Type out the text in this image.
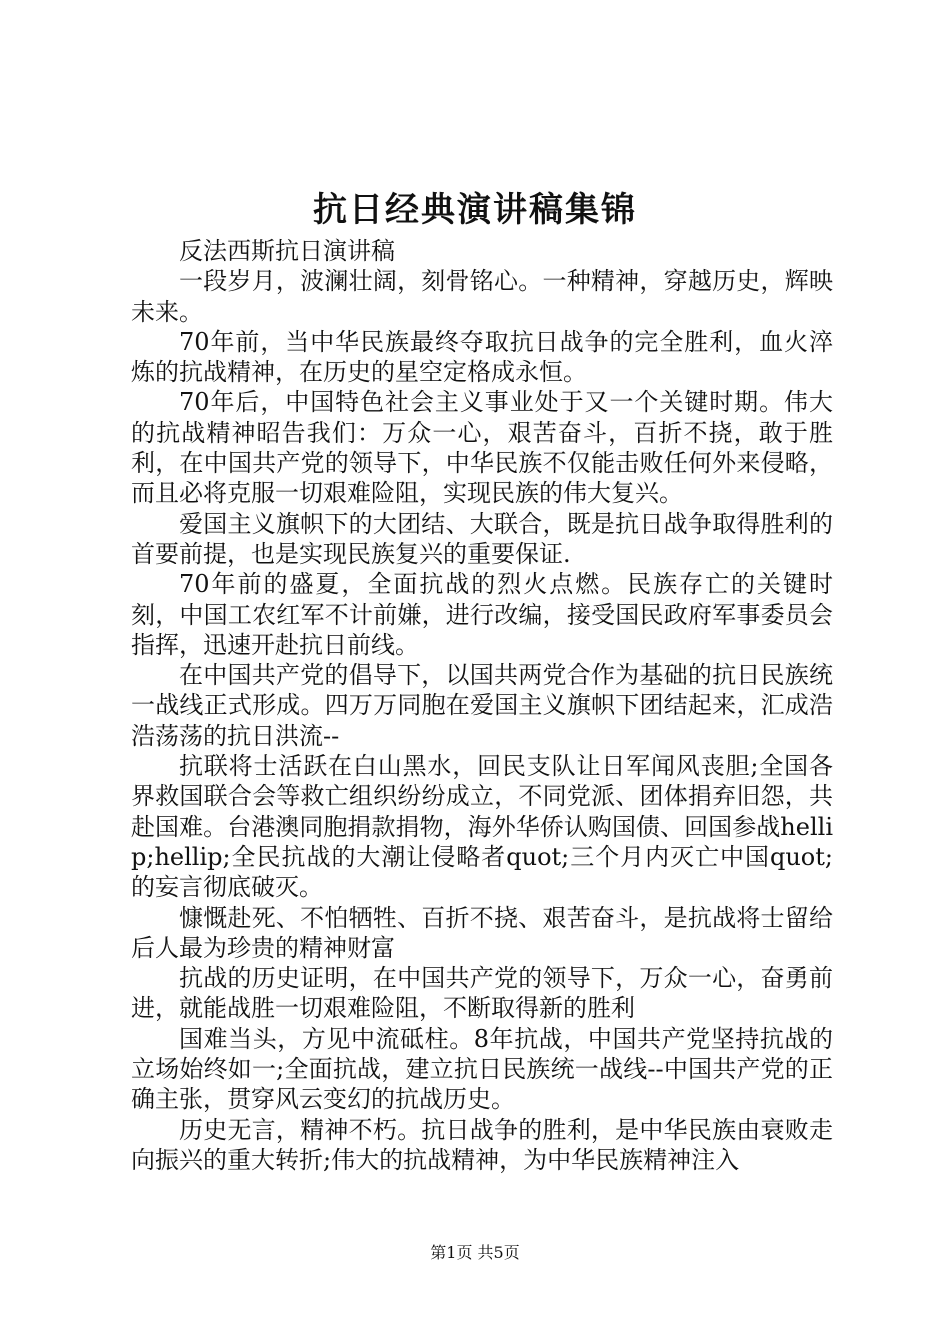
抗日经典演讲稿集锦

反法西斯抗日演讲稿

一段岁月，波澜壮阔，刻骨铭心。一种精神，穿越历史，辉映未来。

70年前，当中华民族最终夺取抗日战争的完全胜利，血火淬炼的抗战精神，在历史的星空定格成永恒。

70年后，中国特色社会主义事业处于又一个关键时期。伟大的抗战精神昭告我们：万众一心，艰苦奋斗，百折不挠，敢于胜利，在中国共产党的领导下，中华民族不仅能击败任何外来侵略，而且必将克服一切艰难险阻，实现民族的伟大复兴。

爱国主义旗帜下的大团结、大联合，既是抗日战争取得胜利的首要前提，也是实现民族复兴的重要保证.

70年前的盛夏，全面抗战的烈火点燃。民族存亡的关键时刻，中国工农红军不计前嫌，进行改编，接受国民政府军事委员会指挥，迅速开赴抗日前线。

在中国共产党的倡导下，以国共两党合作为基础的抗日民族统一战线正式形成。四万万同胞在爱国主义旗帜下团结起来，汇成浩浩荡荡的抗日洪流--

抗联将士活跃在白山黑水，回民支队让日军闻风丧胆;全国各界救国联合会等救亡组织纷纷成立，不同党派、团体捐弃旧怨，共赴国难。台港澳同胞捐款捐物，海外华侨认购国债、回国参战hellip;hellip;全民抗战的大潮让侵略者quot;三个月内灭亡中国quot;的妄言彻底破灭。

慷慨赴死、不怕牺牲、百折不挠、艰苦奋斗，是抗战将士留给后人最为珍贵的精神财富

抗战的历史证明，在中国共产党的领导下，万众一心，奋勇前进，就能战胜一切艰难险阻，不断取得新的胜利

国难当头，方见中流砥柱。8年抗战，中国共产党坚持抗战的立场始终如一;全面抗战，建立抗日民族统一战线--中国共产党的正确主张，贯穿风云变幻的抗战历史。

历史无言，精神不朽。抗日战争的胜利，是中华民族由衰败走向振兴的重大转折;伟大的抗战精神，为中华民族精神注入

第1页 共5页
